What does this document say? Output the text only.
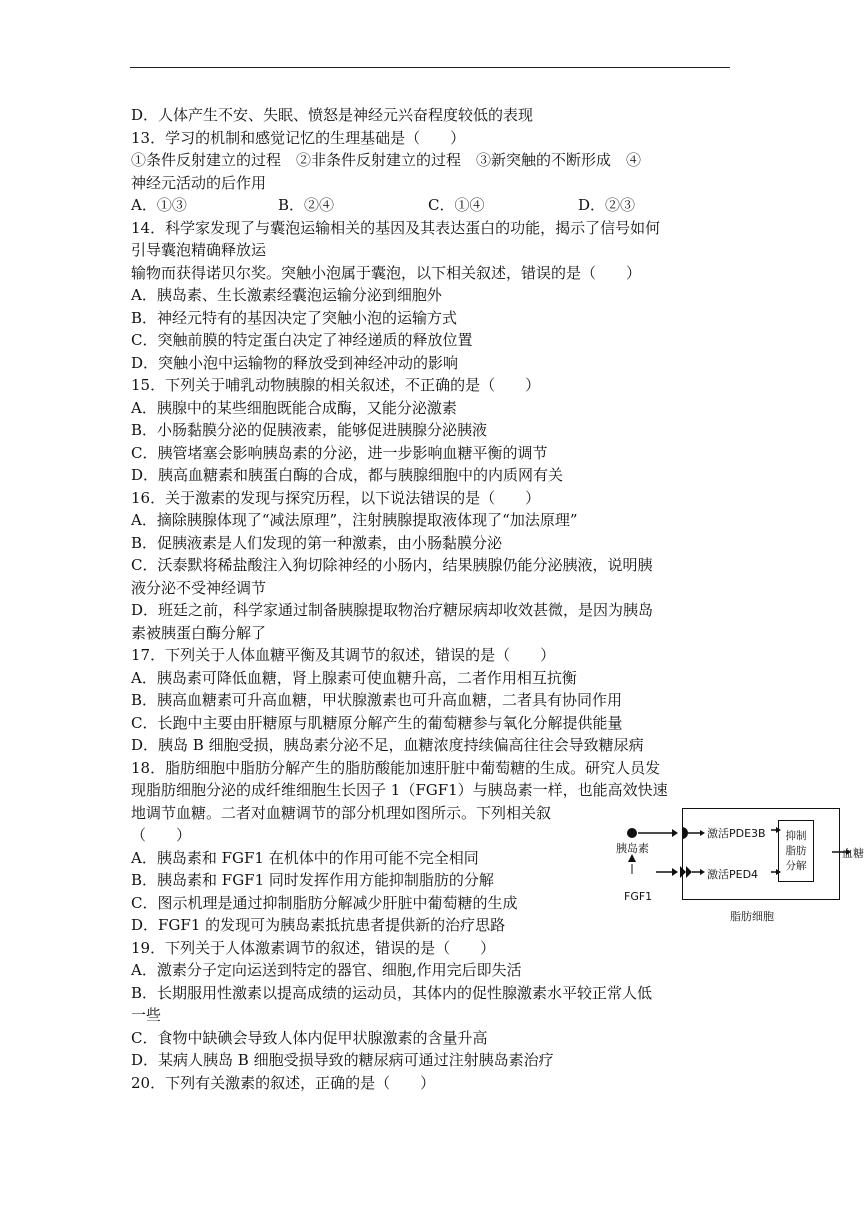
D．人体产生不安、失眠、愤怒是神经元兴奋程度较低的表现
13．学习的机制和感觉记忆的生理基础是（　　）
①条件反射建立的过程　②非条件反射建立的过程　③新突触的不断形成　④
神经元活动的后作用
A．①③	B．②④	C．①④	D．②③
14．科学家发现了与囊泡运输相关的基因及其表达蛋白的功能，揭示了信号如何
引导囊泡精确释放运
输物而获得诺贝尔奖。突触小泡属于囊泡，以下相关叙述，错误的是（　　）
A．胰岛素、生长激素经囊泡运输分泌到细胞外
B．神经元特有的基因决定了突触小泡的运输方式
C．突触前膜的特定蛋白决定了神经递质的释放位置
D．突触小泡中运输物的释放受到神经冲动的影响
15．下列关于哺乳动物胰腺的相关叙述，不正确的是（　　）
A．胰腺中的某些细胞既能合成酶，又能分泌激素
B．小肠黏膜分泌的促胰液素，能够促进胰腺分泌胰液
C．胰管堵塞会影响胰岛素的分泌，进一步影响血糖平衡的调节
D．胰高血糖素和胰蛋白酶的合成，都与胰腺细胞中的内质网有关
16．关于激素的发现与探究历程，以下说法错误的是（　　）
A．摘除胰腺体现了“减法原理”，注射胰腺提取液体现了“加法原理”
B．促胰液素是人们发现的第一种激素，由小肠黏膜分泌
C．沃泰默将稀盐酸注入狗切除神经的小肠内，结果胰腺仍能分泌胰液，说明胰
液分泌不受神经调节
D．班廷之前，科学家通过制备胰腺提取物治疗糖尿病却收效甚微，是因为胰岛
素被胰蛋白酶分解了
17．下列关于人体血糖平衡及其调节的叙述，错误的是（　　）
A．胰岛素可降低血糖，肾上腺素可使血糖升高，二者作用相互抗衡
B．胰高血糖素可升高血糖，甲状腺激素也可升高血糖，二者具有协同作用
C．长跑中主要由肝糖原与肌糖原分解产生的葡萄糖参与氧化分解提供能量
D．胰岛 B 细胞受损，胰岛素分泌不足，血糖浓度持续偏高往往会导致糖尿病
18．脂肪细胞中脂肪分解产生的脂肪酸能加速肝脏中葡萄糖的生成。研究人员发
现脂肪细胞分泌的成纤维细胞生长因子 1（FGF1）与胰岛素一样，也能高效快速
地调节血糖。二者对血糖调节的部分机理如图所示。下列相关叙
（　　）
A．胰岛素和 FGF1 在机体中的作用可能不完全相同
B．胰岛素和 FGF1 同时发挥作用方能抑制脂肪的分解
C．图示机理是通过抑制脂肪分解减少肝脏中葡萄糖的生成
D．FGF1 的发现可为胰岛素抵抗患者提供新的治疗思路
19．下列关于人体激素调节的叙述，错误的是（　　）
A．激素分子定向运送到特定的器官、细胞,作用完后即失活
B．长期服用性激素以提高成绩的运动员，其体内的促性腺激素水平较正常人低
一些
C．食物中缺碘会导致人体内促甲状腺激素的含量升高
D．某病人胰岛 B 细胞受损导致的糖尿病可通过注射胰岛素治疗
20．下列有关激素的叙述，正确的是（　　）
抑制脂肪分解
胰岛素
FGF1
激活PDE3B
激活PED4
血糖
脂肪细胞
